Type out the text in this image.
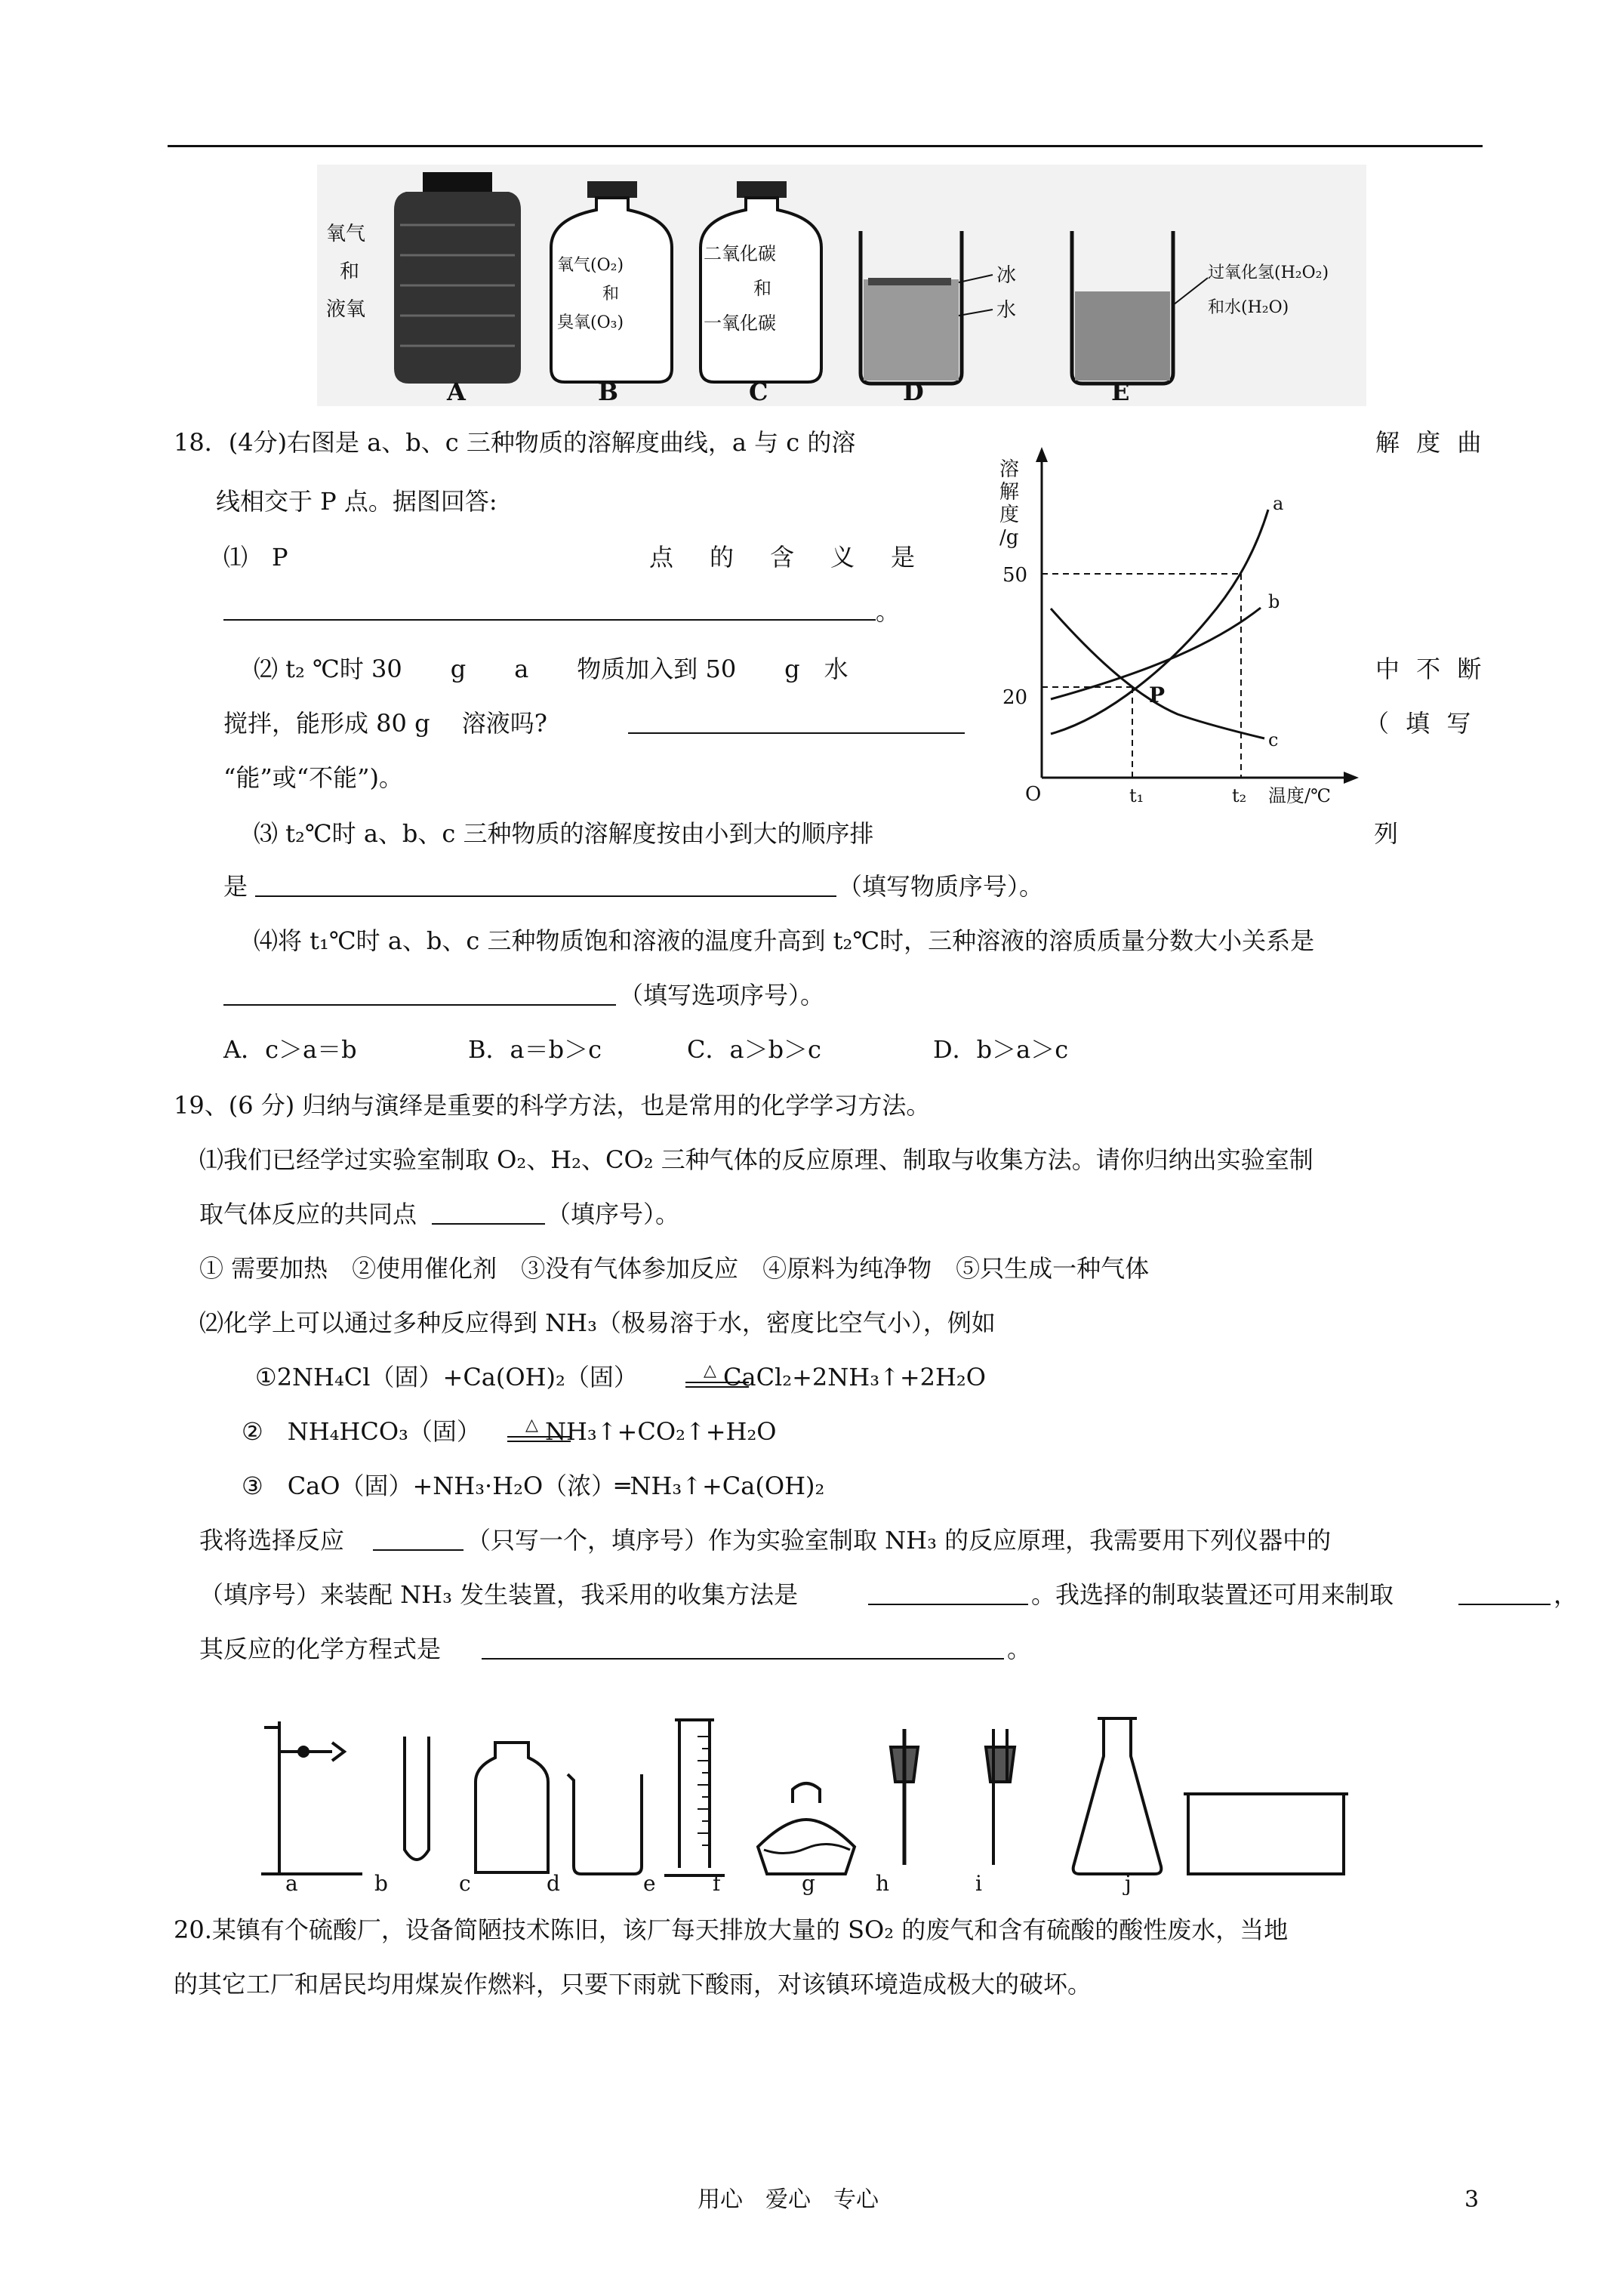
氧气
和
液氧
氧气(O₂)
和
臭氧(O₃)
二氧化碳
和
一氧化碳
冰
水
过氧化氢(H₂O₂)
和水(H₂O)
A	B	C	D	E
18．(4分)右图是 a、b、c 三种物质的溶解度曲线，a 与 c 的溶	解 度 曲
线相交于 P 点。据图回答:
⑴　P	点　的　含　义　是
。
⑵ t₂ ℃时 30　　g　　a　　物质加入到 50　　g　水	中 不 断
搅拌，能形成 80 g　 溶液吗?	（ 填 写
“能”或“不能”)。
⑶ t₂℃时 a、b、c 三种物质的溶解度按由小到大的顺序排	列
是	（填写物质序号）。
⑷将 t₁℃时 a、b、c 三种物质饱和溶液的温度升高到 t₂℃时，三种溶液的溶质质量分数大小关系是
（填写选项序号）。
A．c＞a＝b	B．a＝b＞c	C．a＞b＞c	D．b＞a＞c
溶解度/g
O
50
20
t₁	t₂ 温度/℃
a
b
c
P
19、(6 分) 归纳与演绎是重要的科学方法，也是常用的化学学习方法。
⑴我们已经学过实验室制取 O₂、H₂、CO₂ 三种气体的反应原理、制取与收集方法。请你归纳出实验室制
取气体反应的共同点	（填序号）。
① 需要加热　②使用催化剂　③没有气体参加反应　④原料为纯净物　⑤只生成一种气体
⑵化学上可以通过多种反应得到 NH₃（极易溶于水，密度比空气小），例如
①2NH₄Cl（固）+Ca(OH)₂（固）	△ CaCl₂+2NH₃↑+2H₂O
②　NH₄HCO₃（固）	△ NH₃↑+CO₂↑+H₂O
③　CaO（固）+NH₃·H₂O（浓）═NH₃↑+Ca(OH)₂
我将选择反应	（只写一个，填序号）作为实验室制取 NH₃ 的反应原理，我需要用下列仪器中的
（填序号）来装配 NH₃ 发生装置，我采用的收集方法是	。我选择的制取装置还可用来制取	，
其反应的化学方程式是	。
a	b	c	d	e	f	g	h	i	j
20.某镇有个硫酸厂，设备简陋技术陈旧，该厂每天排放大量的 SO₂ 的废气和含有硫酸的酸性废水，当地
的其它工厂和居民均用煤炭作燃料，只要下雨就下酸雨，对该镇环境造成极大的破坏。
用心　爱心　专心	3
